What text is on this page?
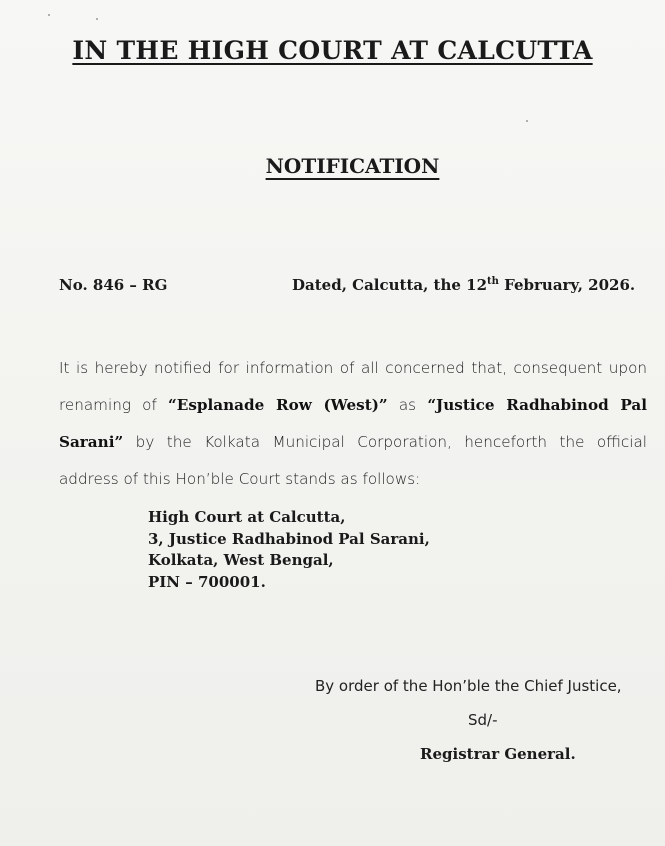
IN THE HIGH COURT AT CALCUTTA
NOTIFICATION
No. 846 – RG	Dated, Calcutta, the 12th February, 2026.
It is hereby notified for information of all concerned that, consequent upon renaming of “Esplanade Row (West)” as “Justice Radhabinod Pal Sarani” by the Kolkata Municipal Corporation, henceforth the official address of this Hon’ble Court stands as follows:
High Court at Calcutta,
3, Justice Radhabinod Pal Sarani,
Kolkata, West Bengal,
PIN – 700001.
By order of the Hon’ble the Chief Justice,
Sd/-
Registrar General.
